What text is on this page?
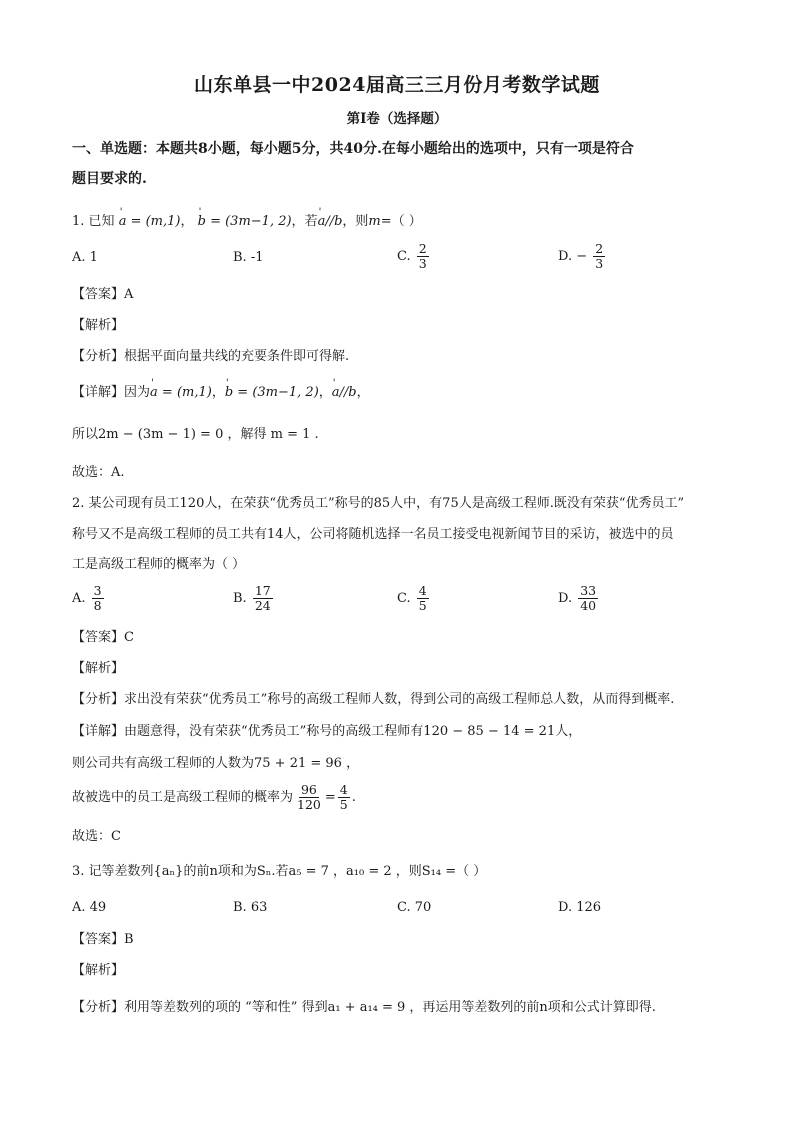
山东单县一中2024届高三三月份月考数学试题
第I卷（选择题）
一、单选题：本题共8小题，每小题5分，共40分.在每小题给出的选项中，只有一项是符合
题目要求的.
1. 已知 ' a = (m,1)， ' b = (3m−1, 2)，若' a//b，则m=（ ）
A. 1	B. -1	C. $\frac{2}{3}$	D. − $\frac{2}{3}$
【答案】A
【解析】
【分析】根据平面向量共线的充要条件即可得解.
【详解】因为' a = (m,1)，' b = (3m−1, 2)，' a//b，
所以2m − (3m − 1) = 0 ，解得 m = 1 .
故选：A.
2. 某公司现有员工120人，在荣获“优秀员工”称号的85人中，有75人是高级工程师.既没有荣获“优秀员工”
称号又不是高级工程师的员工共有14人，公司将随机选择一名员工接受电视新闻节目的采访，被选中的员
工是高级工程师的概率为（ ）
A. $\frac{3}{8}$	B. $\frac{17}{24}$	C. $\frac{4}{5}$	D. $\frac{33}{40}$
【答案】C
【解析】
【分析】求出没有荣获“优秀员工”称号的高级工程师人数，得到公司的高级工程师总人数，从而得到概率.
【详解】由题意得，没有荣获“优秀员工”称号的高级工程师有120 − 85 − 14 = 21人，
则公司共有高级工程师的人数为75 + 21 = 96 ，
故被选中的员工是高级工程师的概率为 $\frac{96}{120} = \frac{4}{5}$ .
故选：C
3. 记等差数列{aₙ}的前n项和为Sₙ.若a₅ = 7 ，a₁₀ = 2 ，则S₁₄ =（ ）
A. 49	B. 63	C. 70	D. 126
【答案】B
【解析】
【分析】利用等差数列的项的 “等和性” 得到a₁ + a₁₄ = 9 ，再运用等差数列的前n项和公式计算即得.
